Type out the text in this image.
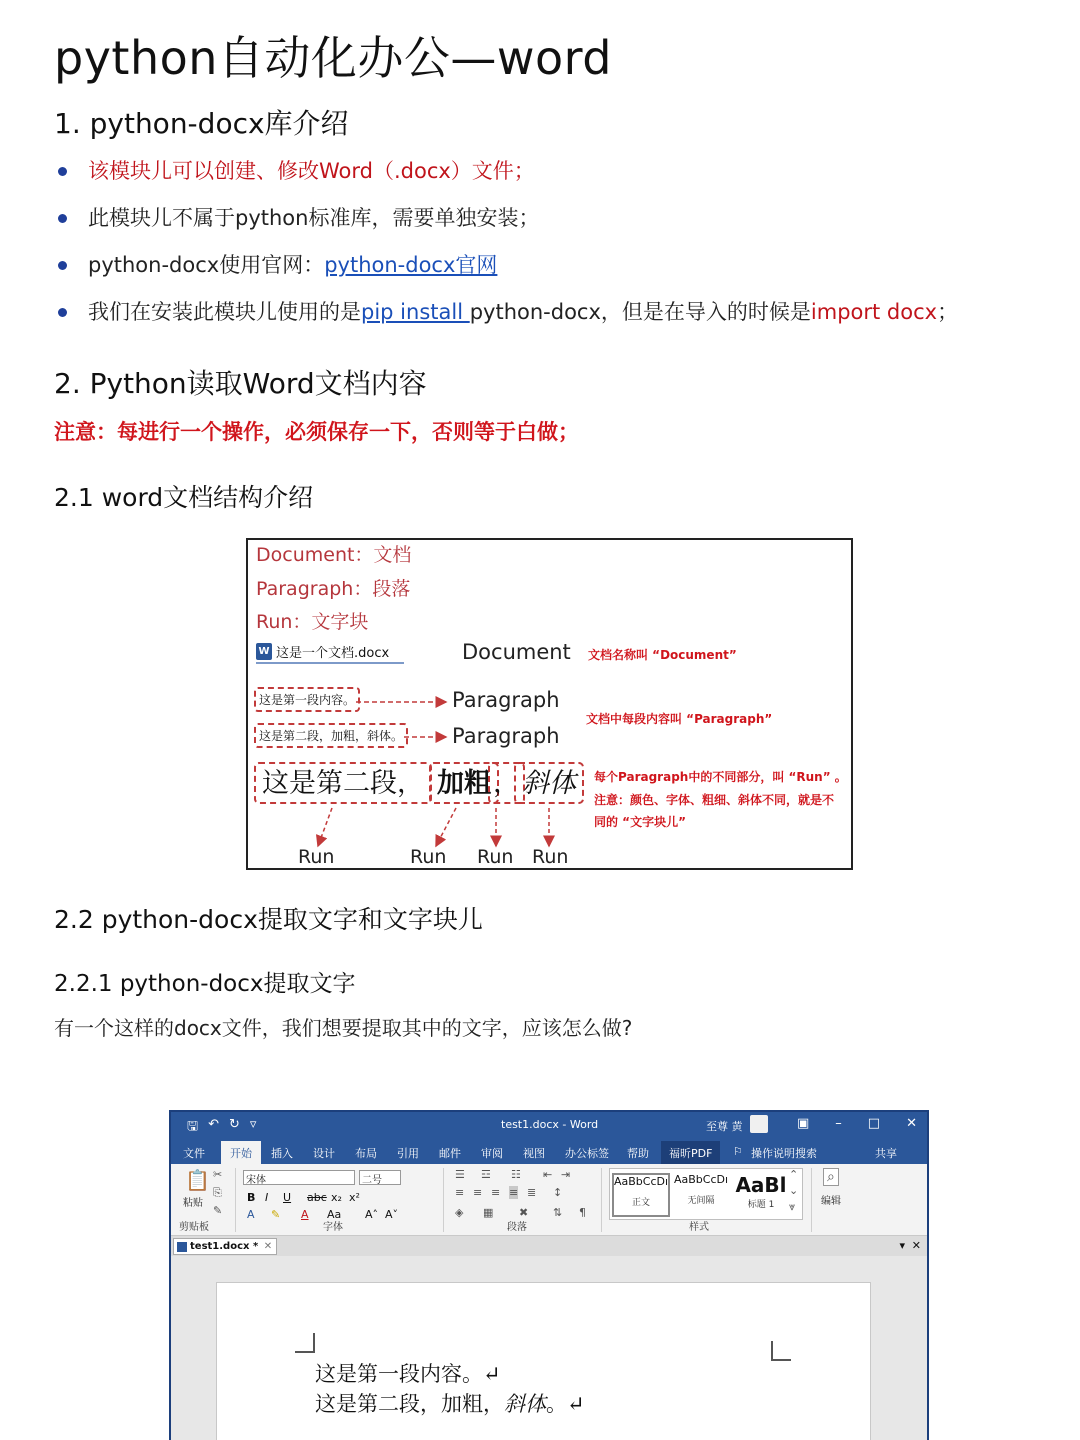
python自动化办公—word
1. python-docx库介绍
该模块儿可以创建、修改Word（.docx）文件；
此模块儿不属于python标准库，需要单独安装；
python-docx使用官网：python-docx官网
我们在安装此模块儿使用的是pip install python-docx，但是在导入的时候是import docx；
2. Python读取Word文档内容
注意：每进行一个操作，必须保存一下，否则等于白做；
2.1 word文档结构介绍
Document：文档
Paragraph：段落
Run：文字块
W 这是一个文档.docx	Document 文档名称叫 “Document”
这是第一段内容。	Paragraph
这是第二段，加粗，斜体。 Paragraph
文档中每段内容叫 “Paragraph”
这是第二段， 加粗 ， 斜体	每个Paragraph中的不同部分，叫 “Run” 。
注意：颜色、字体、粗细、斜体不同，就是不
同的 “文字块儿”
Run	Run Run Run
2.2 python-docx提取文字和文字块儿
2.2.1 python-docx提取文字
有一个这样的docx文件，我们想要提取其中的文字，应该怎么做?
🖫 ↶ ↻ ▿	test1.docx - Word	至尊 黄	▣ – □ ✕
文件	开始	插入 设计 布局 引用 邮件 审阅 视图 办公标签 帮助	福昕PDF	⚐ 操作说明搜索	共享
📋
粘贴
✂
⎘
✎
剪贴板
宋体	二号
B I U abc x₂ x²
A ✎ A Aa A˄ A˅
字体
☰ ☲ ☷ ⇤ ⇥
≡ ≡ ≡ ≡ ≣ ↕
◈ ▦ ✖ ⇅ ¶
段落
AaBbCcDı
正文
AaBbCcDı
无间隔
AaBl
标题 1
⌃
⌄
⩔
样式
⌕
编辑
test1.docx * ✕	▾ ✕
这是第一段内容。↵
这是第二段，加粗，斜体。↵
